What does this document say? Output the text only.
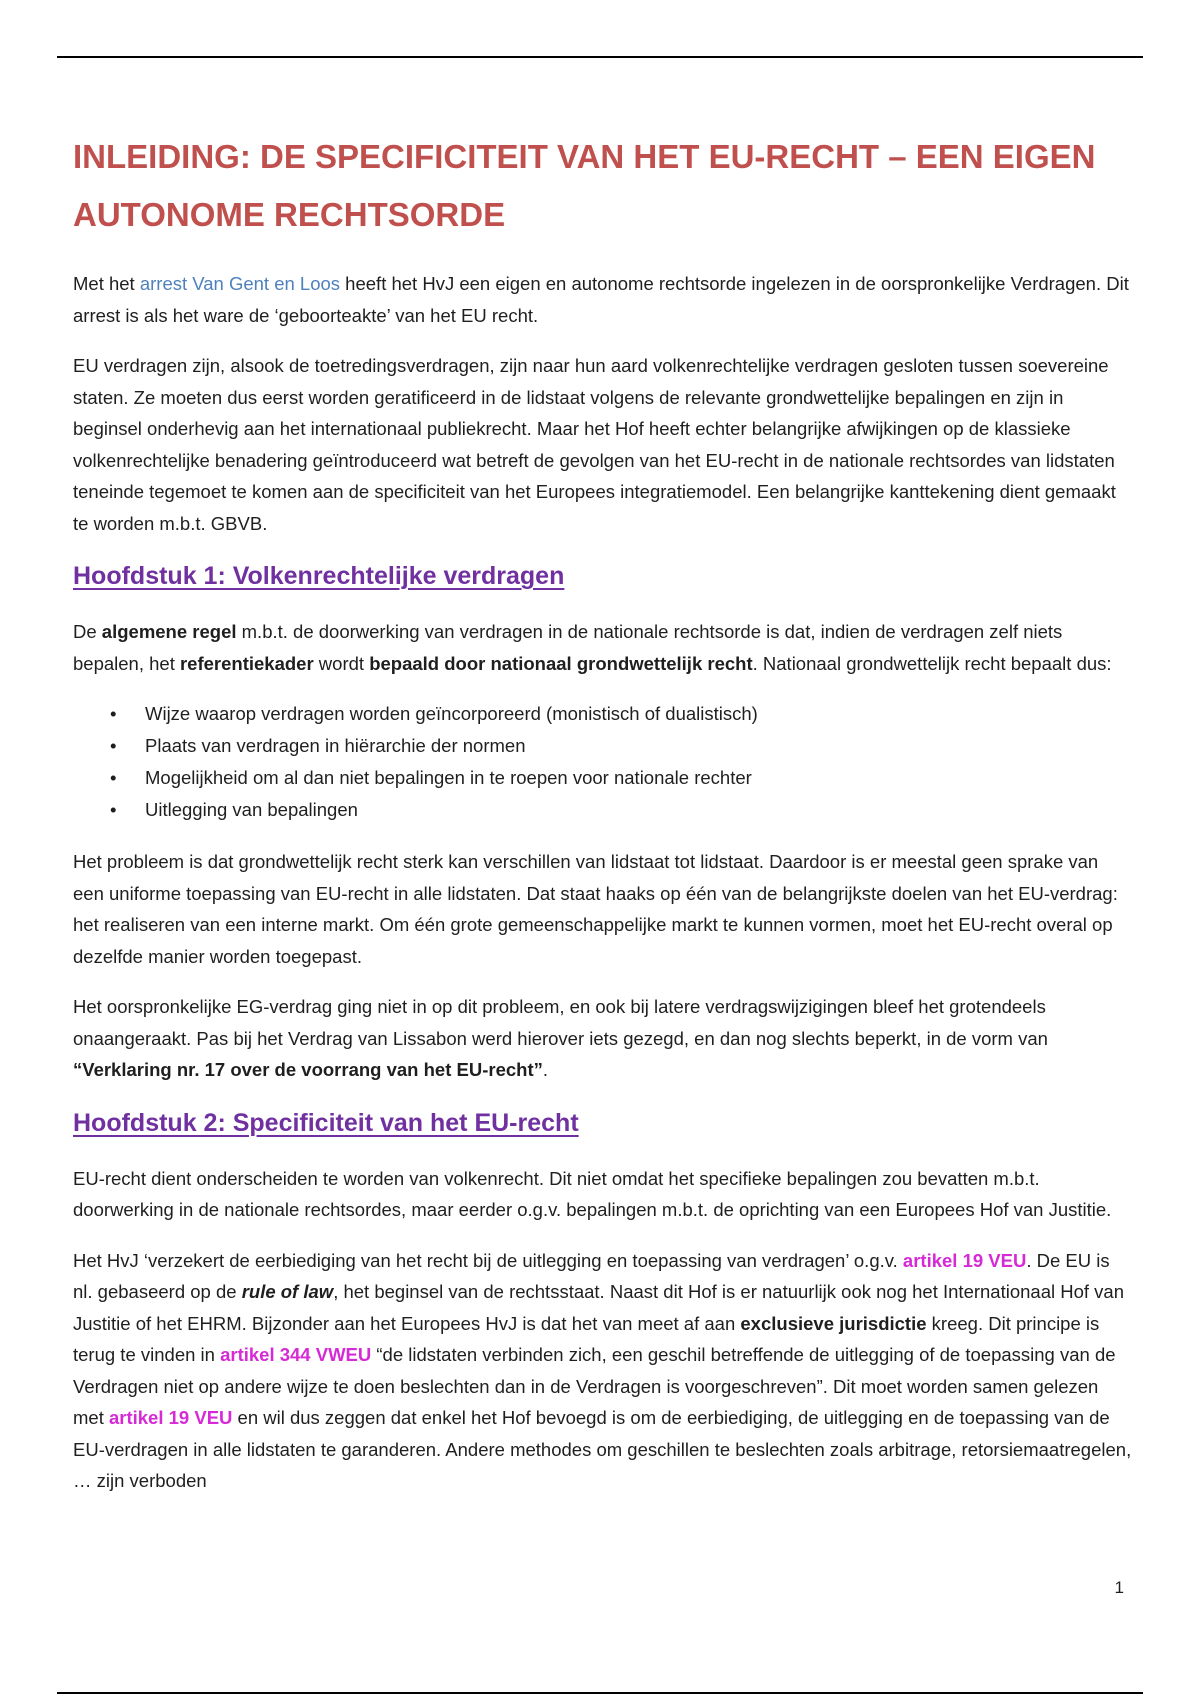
INLEIDING: DE SPECIFICITEIT VAN HET EU-RECHT – EEN EIGEN AUTONOME RECHTSORDE

Met het arrest Van Gent en Loos heeft het HvJ een eigen en autonome rechtsorde ingelezen in de oorspronkelijke Verdragen. Dit arrest is als het ware de ‘geboorteakte’ van het EU recht.

EU verdragen zijn, alsook de toetredingsverdragen, zijn naar hun aard volkenrechtelijke verdragen gesloten tussen soevereine staten. Ze moeten dus eerst worden geratificeerd in de lidstaat volgens de relevante grondwettelijke bepalingen en zijn in beginsel onderhevig aan het internationaal publiekrecht. Maar het Hof heeft echter belangrijke afwijkingen op de klassieke volkenrechtelijke benadering geïntroduceerd wat betreft de gevolgen van het EU-recht in de nationale rechtsordes van lidstaten teneinde tegemoet te komen aan de specificiteit van het Europees integratiemodel. Een belangrijke kanttekening dient gemaakt te worden m.b.t. GBVB.

Hoofdstuk 1: Volkenrechtelijke verdragen

De algemene regel m.b.t. de doorwerking van verdragen in de nationale rechtsorde is dat, indien de verdragen zelf niets bepalen, het referentiekader wordt bepaald door nationaal grondwettelijk recht. Nationaal grondwettelijk recht bepaalt dus:

• Wijze waarop verdragen worden geïncorporeerd (monistisch of dualistisch)
• Plaats van verdragen in hiërarchie der normen
• Mogelijkheid om al dan niet bepalingen in te roepen voor nationale rechter
• Uitlegging van bepalingen

Het probleem is dat grondwettelijk recht sterk kan verschillen van lidstaat tot lidstaat. Daardoor is er meestal geen sprake van een uniforme toepassing van EU-recht in alle lidstaten. Dat staat haaks op één van de belangrijkste doelen van het EU-verdrag: het realiseren van een interne markt. Om één grote gemeenschappelijke markt te kunnen vormen, moet het EU-recht overal op dezelfde manier worden toegepast.

Het oorspronkelijke EG-verdrag ging niet in op dit probleem, en ook bij latere verdragswijzigingen bleef het grotendeels onaangeraakt. Pas bij het Verdrag van Lissabon werd hierover iets gezegd, en dan nog slechts beperkt, in de vorm van “Verklaring nr. 17 over de voorrang van het EU-recht”.

Hoofdstuk 2: Specificiteit van het EU-recht

EU-recht dient onderscheiden te worden van volkenrecht. Dit niet omdat het specifieke bepalingen zou bevatten m.b.t. doorwerking in de nationale rechtsordes, maar eerder o.g.v. bepalingen m.b.t. de oprichting van een Europees Hof van Justitie.

Het HvJ ‘verzekert de eerbiediging van het recht bij de uitlegging en toepassing van verdragen’ o.g.v. artikel 19 VEU. De EU is nl. gebaseerd op de rule of law, het beginsel van de rechtsstaat. Naast dit Hof is er natuurlijk ook nog het Internationaal Hof van Justitie of het EHRM. Bijzonder aan het Europees HvJ is dat het van meet af aan exclusieve jurisdictie kreeg. Dit principe is terug te vinden in artikel 344 VWEU “de lidstaten verbinden zich, een geschil betreffende de uitlegging of de toepassing van de Verdragen niet op andere wijze te doen beslechten dan in de Verdragen is voorgeschreven”. Dit moet worden samen gelezen met artikel 19 VEU en wil dus zeggen dat enkel het Hof bevoegd is om de eerbiediging, de uitlegging en de toepassing van de EU-verdragen in alle lidstaten te garanderen. Andere methodes om geschillen te beslechten zoals arbitrage, retorsiemaatregelen, … zijn verboden

1
